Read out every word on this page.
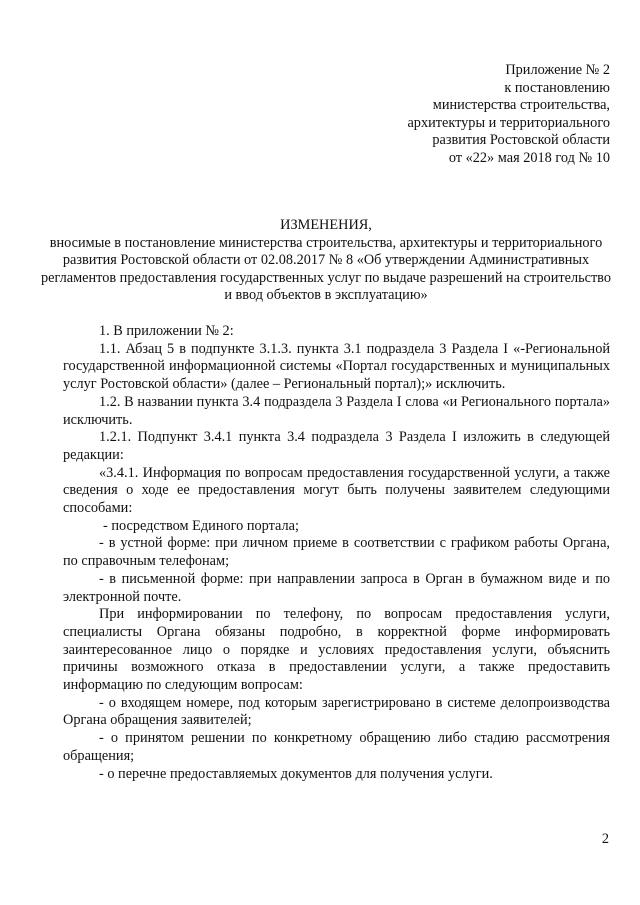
Приложение № 2
к постановлению
министерства строительства,
архитектуры и территориального
развития Ростовской области
от «22» мая 2018 год № 10
ИЗМЕНЕНИЯ,
вносимые в постановление министерства строительства, архитектуры и территориального развития Ростовской области от 02.08.2017 № 8 «Об утверждении Административных регламентов предоставления государственных услуг по выдаче разрешений на строительство и ввод объектов в эксплуатацию»

1. В приложении № 2:

1.1. Абзац 5 в подпункте 3.1.3. пункта 3.1 подраздела 3 Раздела I «-Региональной государственной информационной системы «Портал государственных и муниципальных услуг Ростовской области» (далее – Региональный портал);» исключить.

1.2. В названии пункта 3.4 подраздела 3 Раздела I слова «и Регионального портала» исключить.

1.2.1. Подпункт 3.4.1 пункта 3.4 подраздела 3 Раздела I изложить в следующей редакции:

«3.4.1. Информация по вопросам предоставления государственной услуги, а также сведения о ходе ее предоставления могут быть получены заявителем следующими способами:

- посредством Единого портала;

- в устной форме: при личном приеме в соответствии с графиком работы Органа, по справочным телефонам;

- в письменной форме: при направлении запроса в Орган в бумажном виде и по электронной почте.

При информировании по телефону, по вопросам предоставления услуги, специалисты Органа обязаны подробно, в корректной форме информировать заинтересованное лицо о порядке и условиях предоставления услуги, объяснить причины возможного отказа в предоставлении услуги, а также предоставить информацию по следующим вопросам:

- о входящем номере, под которым зарегистрировано в системе делопроизводства Органа обращения заявителей;

- о принятом решении по конкретному обращению либо стадию рассмотрения обращения;

- о перечне предоставляемых документов для получения услуги.

2
